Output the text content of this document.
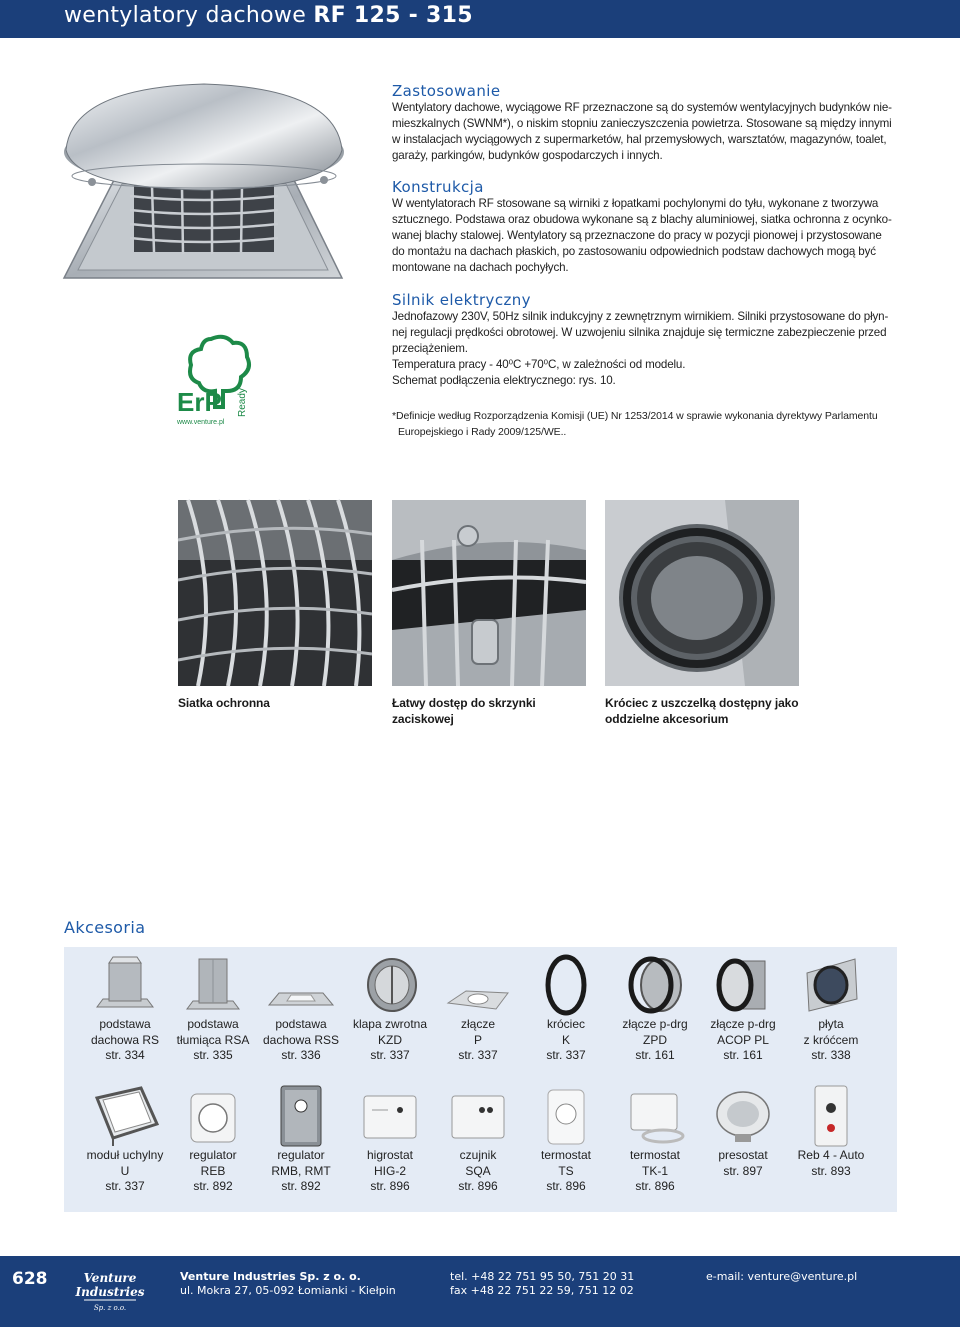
wentylatory dachowe RF 125 - 315
ErP Ready
www.venture.pl
Zastosowanie
Wentylatory dachowe, wyciągowe RF przeznaczone są do systemów wentylacyjnych budynków nie-
mieszkalnych (SWNM*), o niskim stopniu zanieczyszczenia powietrza. Stosowane są między innymi
w instalacjach wyciągowych z supermarketów, hal przemysłowych, warsztatów, magazynów, toalet,
garaży, parkingów, budynków gospodarczych i innych.
Konstrukcja
W wentylatorach RF stosowane są wirniki z łopatkami pochylonymi do tyłu, wykonane z tworzywa
sztucznego. Podstawa oraz obudowa wykonane są z blachy aluminiowej, siatka ochronna z ocynko-
wanej blachy stalowej. Wentylatory są przeznaczone do pracy w pozycji pionowej i przystosowane
do montażu na dachach płaskich, po zastosowaniu odpowiednich podstaw dachowych mogą być
montowane na dachach pochyłych.
Silnik elektryczny
Jednofazowy 230V, 50Hz silnik indukcyjny z zewnętrznym wirnikiem. Silniki przystosowane do płyn-
nej regulacji prędkości obrotowej. W uzwojeniu silnika znajduje się termiczne zabezpieczenie przed
przeciążeniem.
Temperatura pracy - 40⁰C +70⁰C, w zależności od modelu.
Schemat podłączenia elektrycznego: rys. 10.
*Definicje według Rozporządzenia Komisji (UE) Nr 1253/2014 w sprawie wykonania dyrektywy Parlamentu
Europejskiego i Rady 2009/125/WE..
Siatka ochronna	Łatwy dostęp do skrzynki zaciskowej
Króciec z uszczelką dostępny jako oddzielne akcesorium
Akcesoria
podstawa
dachowa RS
str. 334
podstawa
tłumiąca RSA
str. 335
podstawa
dachowa RSS
str. 336
klapa zwrotna
KZD
str. 337
złącze
P
str. 337
króciec
K
str. 337
złącze p-drg
ZPD
str. 161
złącze p-drg
ACOP PL
str. 161
płyta
z króćcem
str. 338
moduł uchylny
U
str. 337
regulator
REB
str. 892
regulator
RMB, RMT
str. 892
higrostat
HIG-2
str. 896
czujnik
SQA
str. 896
termostat
TS
str. 896
termostat
TK-1
str. 896
presostat
str. 897
Reb 4 - Auto
str. 893
628	Venture
Industries
Sp. z o.o.
Venture Industries Sp. z o. o.
ul. Mokra 27, 05-092 Łomianki - Kiełpin
tel. +48 22 751 95 50, 751 20 31
fax +48 22 751 22 59, 751 12 02
e-mail: venture@venture.pl
